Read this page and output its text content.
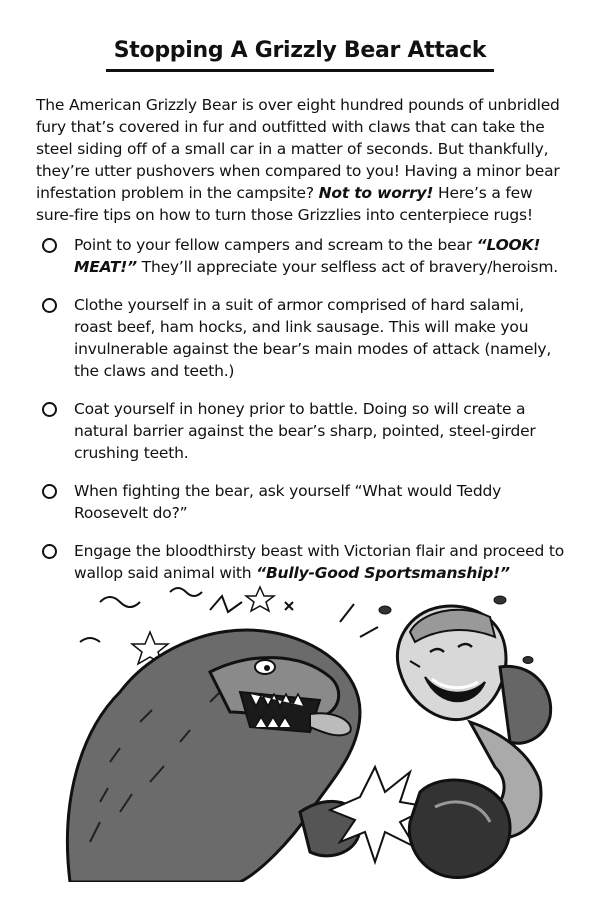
Stopping A Grizzly Bear Attack

The American Grizzly Bear is over eight hundred pounds of unbridled fury that’s covered in fur and outfitted with claws that can take the steel siding off of a small car in a matter of seconds. But thankfully, they’re utter pushovers when compared to you! Having a minor bear infestation problem in the campsite? Not to worry! Here’s a few sure-fire tips on how to turn those Grizzlies into centerpiece rugs!

Point to your fellow campers and scream to the bear “LOOK! MEAT!” They’ll appreciate your selfless act of bravery/heroism.
Clothe yourself in a suit of armor comprised of hard salami, roast beef, ham hocks, and link sausage. This will make you invulnerable against the bear’s main modes of attack (namely, the claws and teeth.)
Coat yourself in honey prior to battle. Doing so will create a natural barrier against the bear’s sharp, pointed, steel-girder crushing teeth.
When fighting the bear, ask yourself “What would Teddy Roosevelt do?”
Engage the bloodthirsty beast with Victorian flair and proceed to wallop said animal with “Bully-Good Sportsmanship!”
